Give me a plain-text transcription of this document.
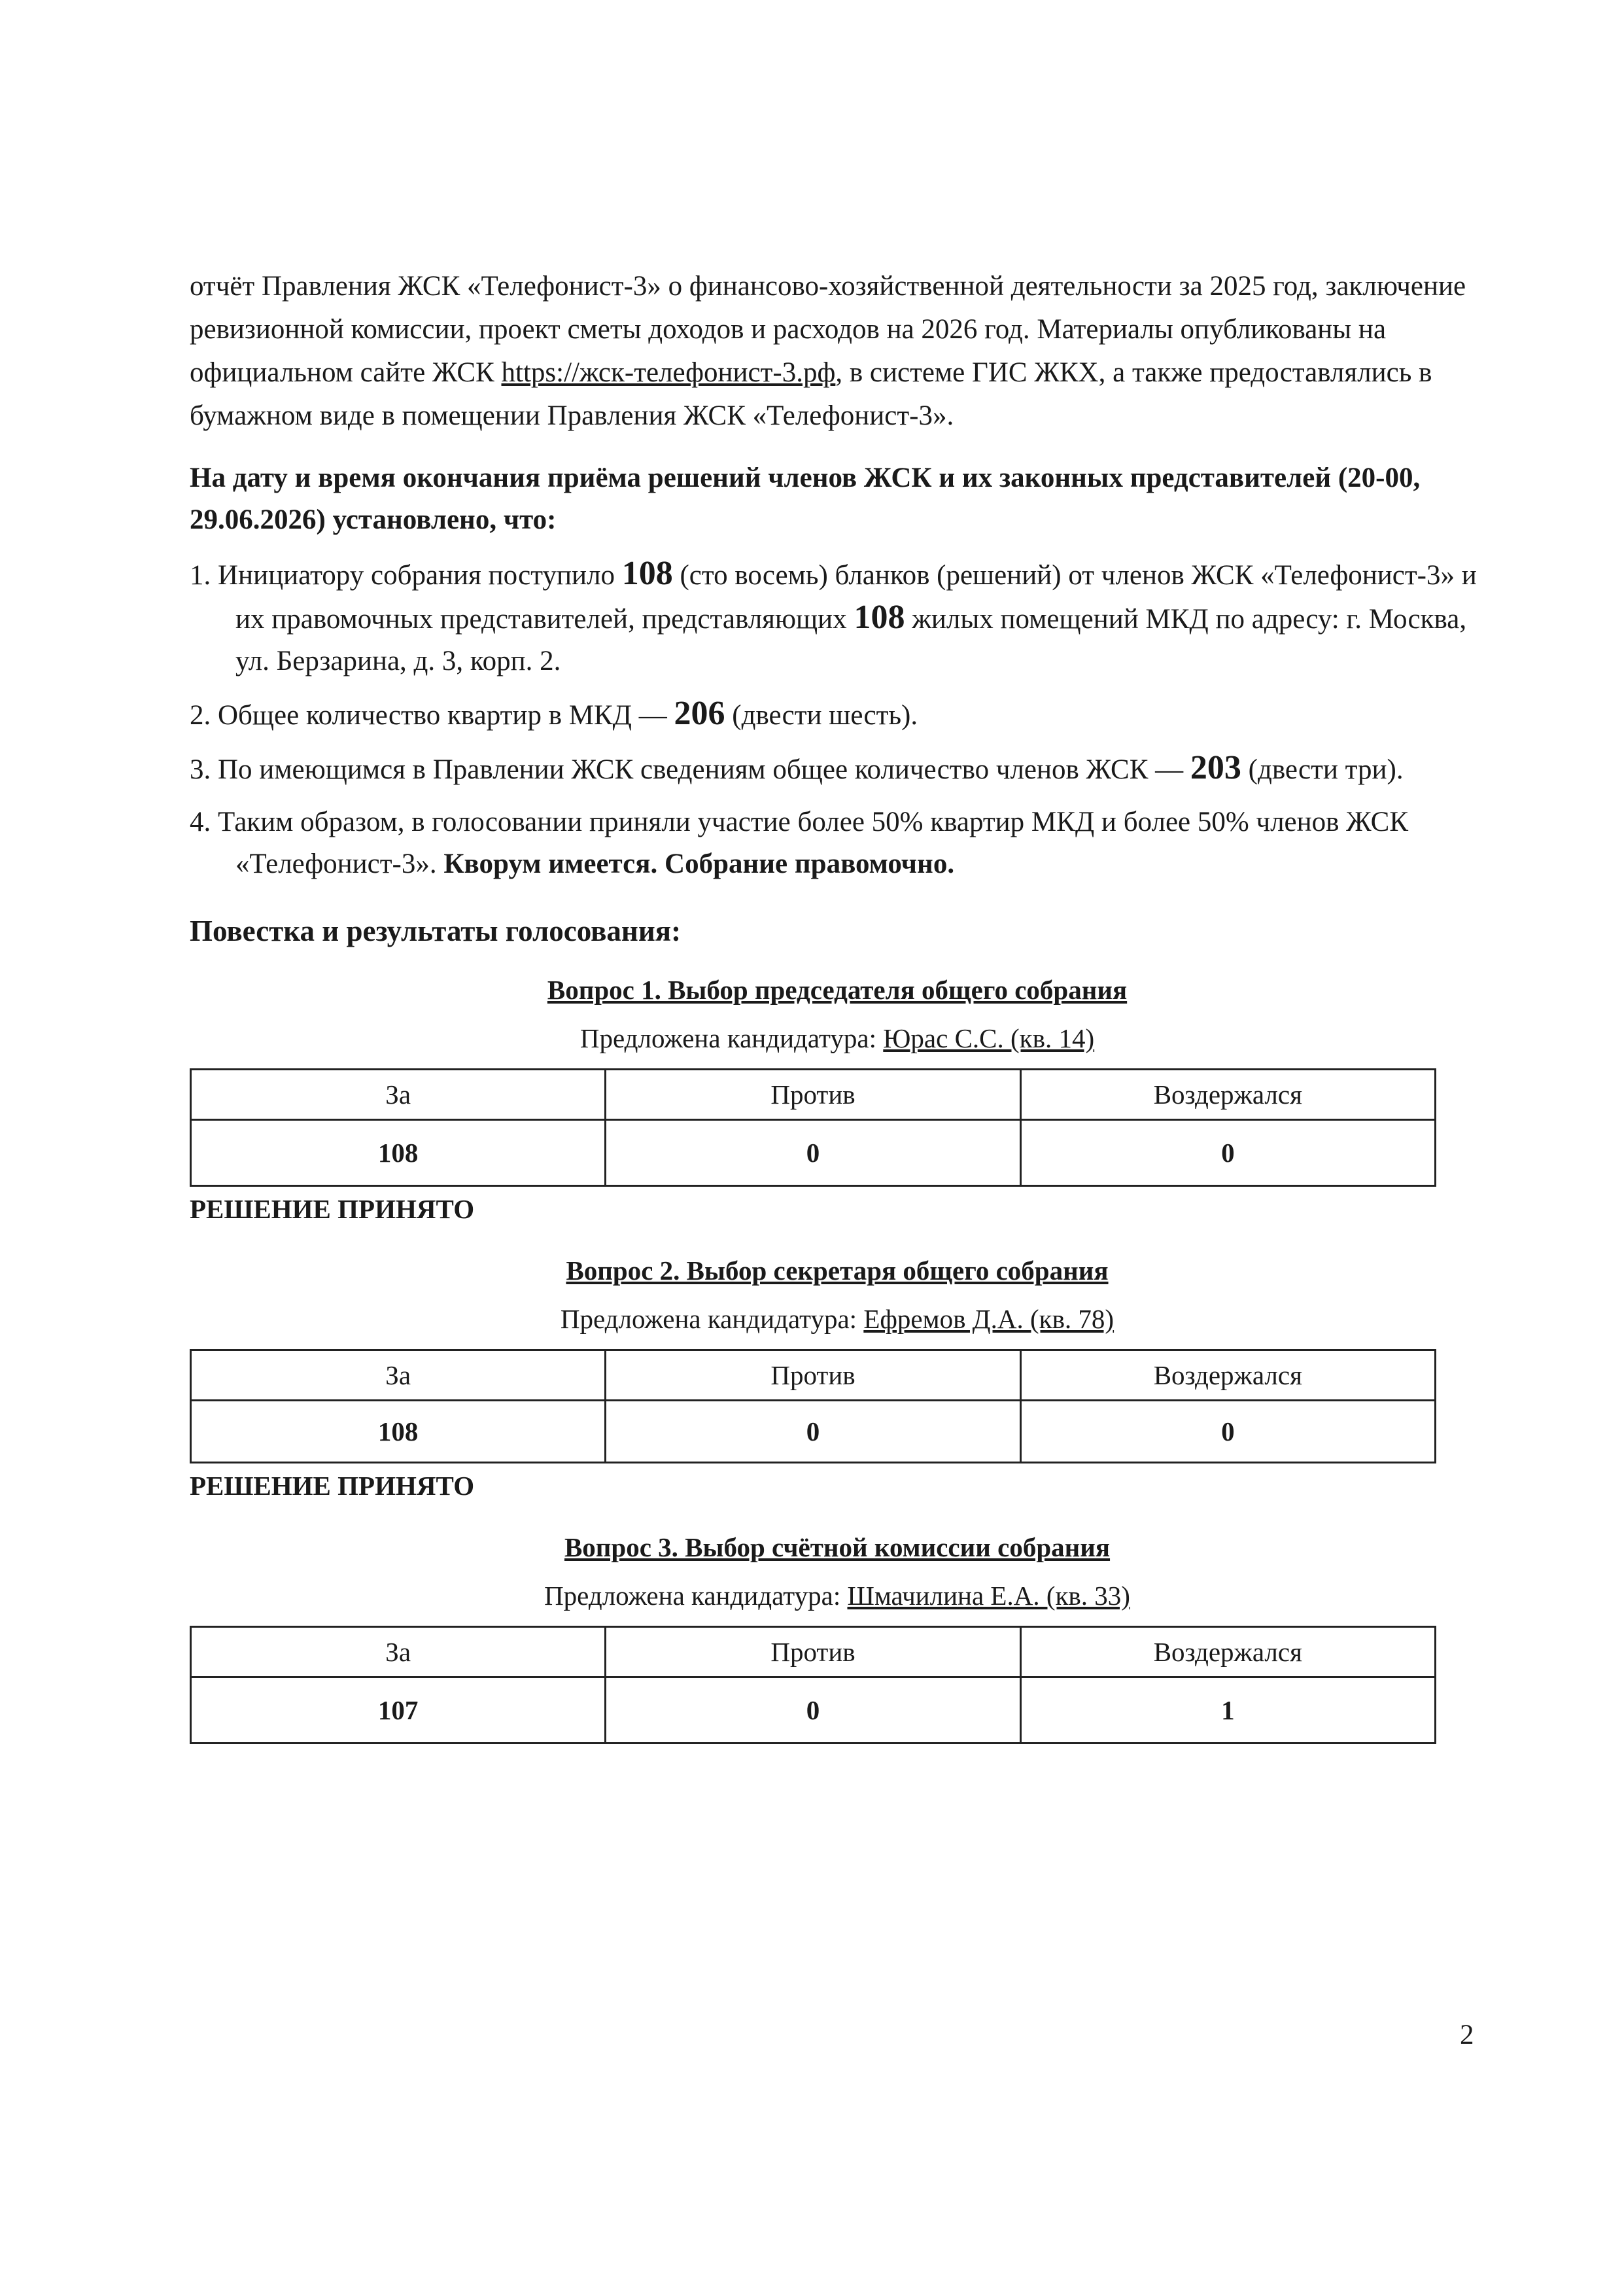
отчёт Правления ЖСК «Телефонист-3» о финансово-хозяйственной деятельности за 2025 год, заключение ревизионной комиссии, проект сметы доходов и расходов на 2026 год. Материалы опубликованы на официальном сайте ЖСК https://жск-телефонист-3.рф, в системе ГИС ЖКХ, а также предоставлялись в бумажном виде в помещении Правления ЖСК «Телефонист-3».

На дату и время окончания приёма решений членов ЖСК и их законных представителей (20-00, 29.06.2026) установлено, что:

1. Инициатору собрания поступило 108 (сто восемь) бланков (решений) от членов ЖСК «Телефонист-3» и их правомочных представителей, представляющих 108 жилых помещений МКД по адресу: г. Москва, ул. Берзарина, д. 3, корп. 2.
2. Общее количество квартир в МКД — 206 (двести шесть).
3. По имеющимся в Правлении ЖСК сведениям общее количество членов ЖСК — 203 (двести три).
4. Таким образом, в голосовании приняли участие более 50% квартир МКД и более 50% членов ЖСК «Телефонист-3». Кворум имеется. Собрание правомочно.

Повестка и результаты голосования:

Вопрос 1. Выбор председателя общего собрания

Предложена кандидатура: Юрас С.С. (кв. 14)

За	Против	Воздержался
108	0	0

РЕШЕНИЕ ПРИНЯТО

Вопрос 2. Выбор секретаря общего собрания

Предложена кандидатура: Ефремов Д.А. (кв. 78)

За	Против	Воздержался
108	0	0

РЕШЕНИЕ ПРИНЯТО

Вопрос 3. Выбор счётной комиссии собрания

Предложена кандидатура: Шмачилина Е.А. (кв. 33)

За	Против	Воздержался
107	0	1
2
